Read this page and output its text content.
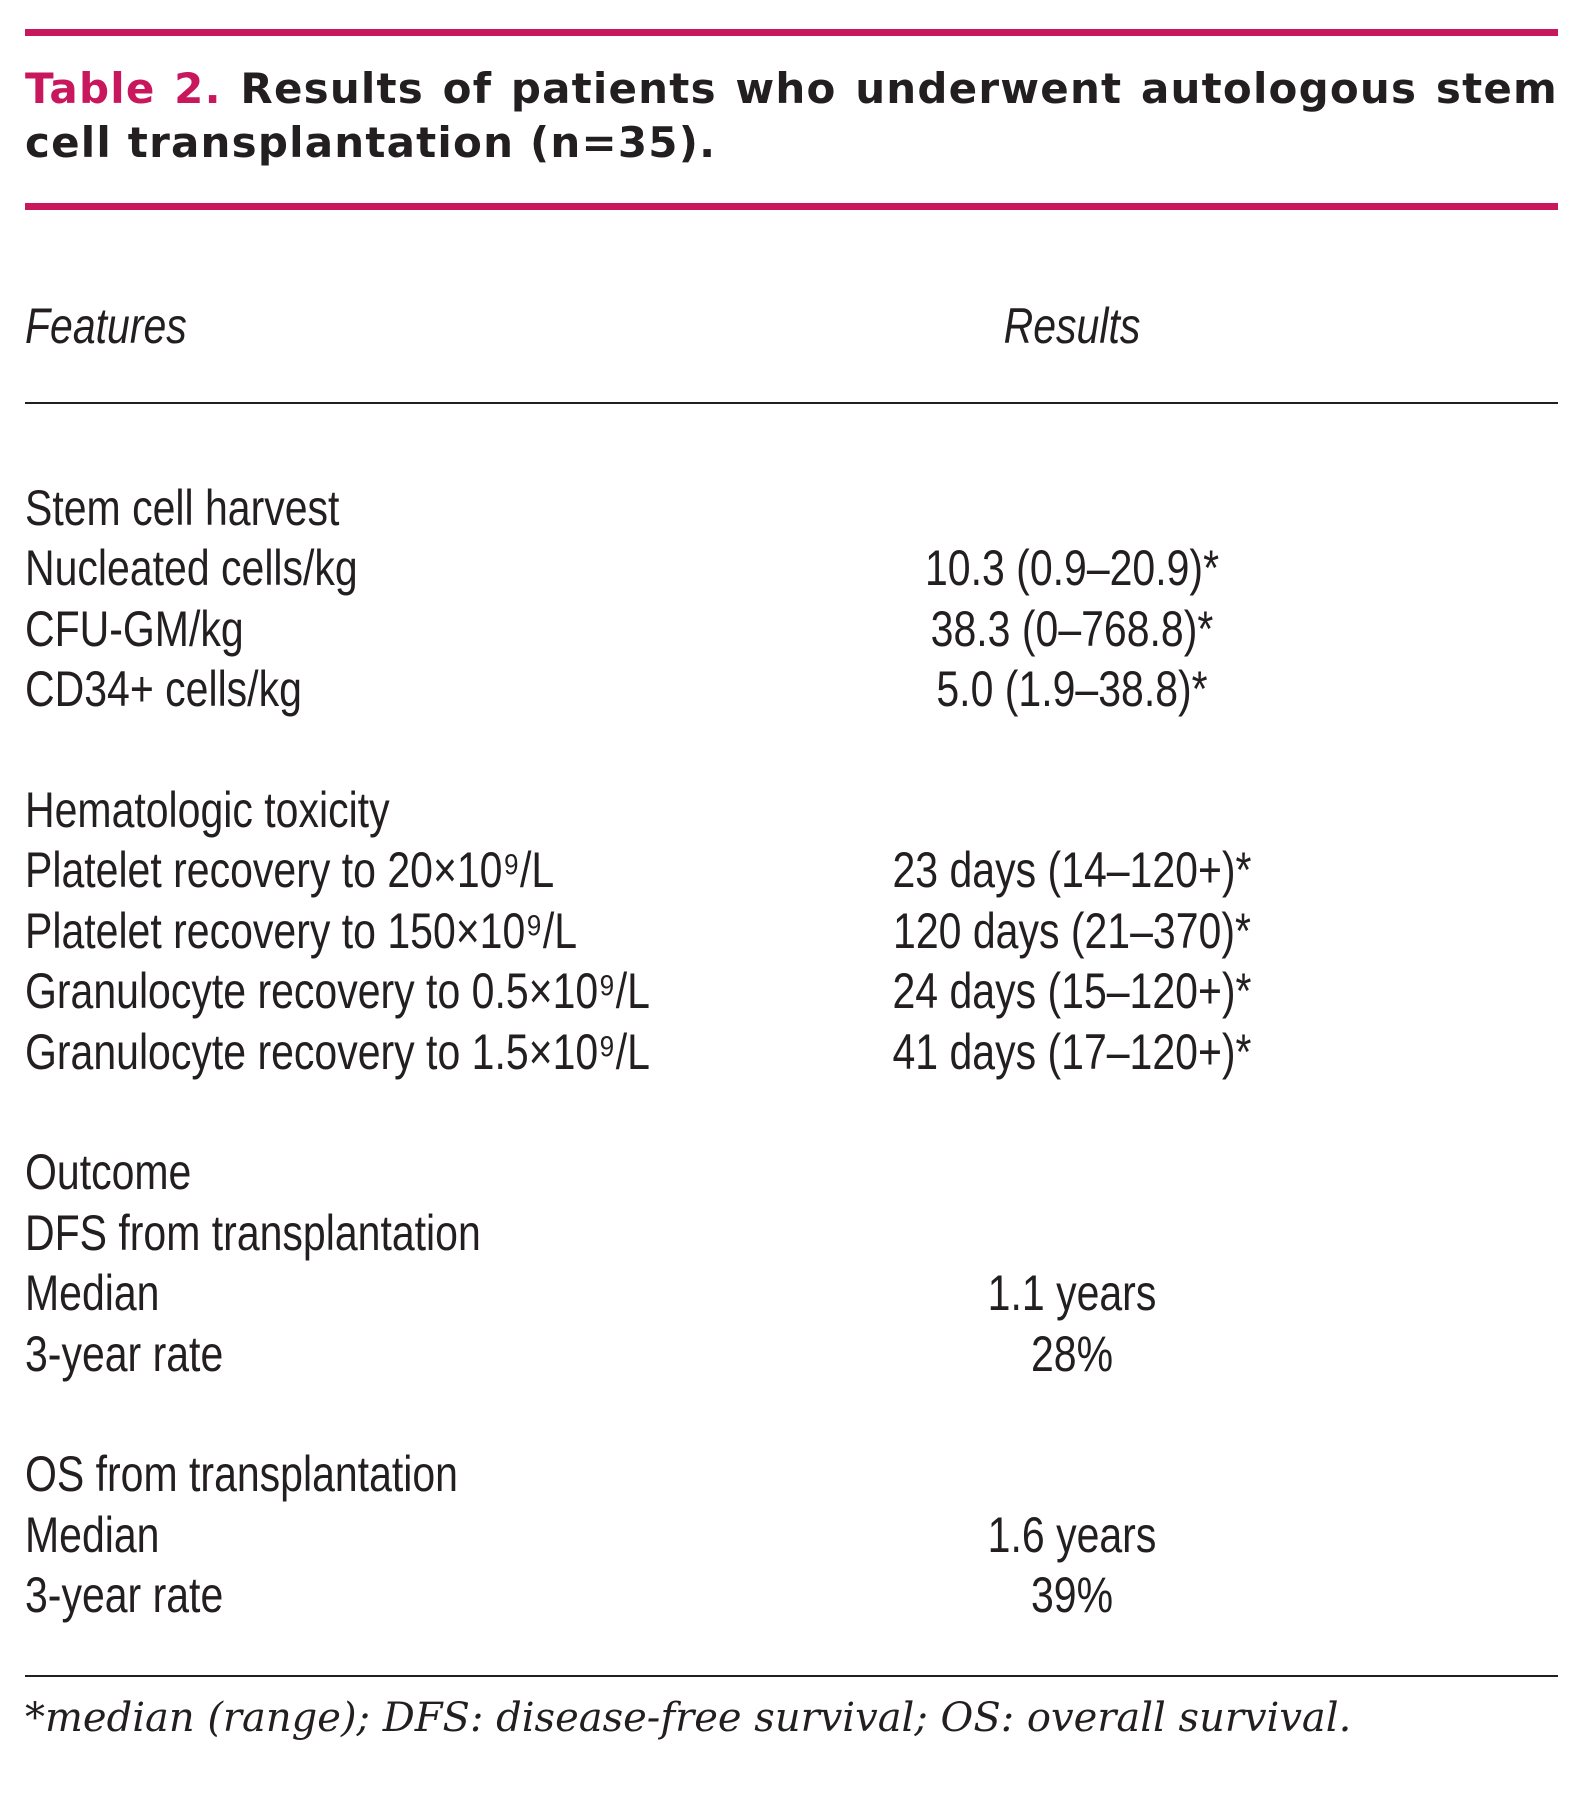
Table 2. Results of patients who underwent autologous stem cell transplantation (n=35).

Features	Results
Stem cell harvest
Nucleated cells/kg	10.3 (0.9–20.9)*
CFU-GM/kg	38.3 (0–768.8)*
CD34+ cells/kg	5.0 (1.9–38.8)*
Hematologic toxicity
Platelet recovery to 20×10⁹/L	23 days (14–120+)*
Platelet recovery to 150×10⁹/L	120 days (21–370)*
Granulocyte recovery to 0.5×10⁹/L	24 days (15–120+)*
Granulocyte recovery to 1.5×10⁹/L	41 days (17–120+)*
Outcome
DFS from transplantation
Median	1.1 years
3-year rate	28%
OS from transplantation
Median	1.6 years
3-year rate	39%

*median (range); DFS: disease-free survival; OS: overall survival.
